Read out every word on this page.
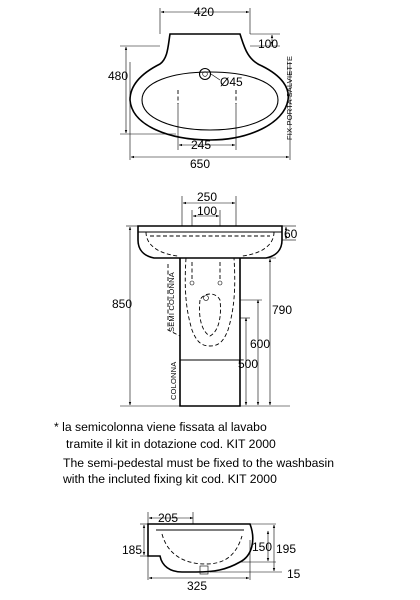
420
100
480	Ø45
245
650
FIX PORTA SALVIETTE
250
100
60
850	790
600
500
SEMI COLONNA
COLONNA
205
185	150 195
15
325
* la semicolonna viene fissata al lavabo
tramite il kit in dotazione cod. KIT 2000
The semi-pedestal must be fixed to the washbasin
with the incluted fixing kit cod. KIT 2000
